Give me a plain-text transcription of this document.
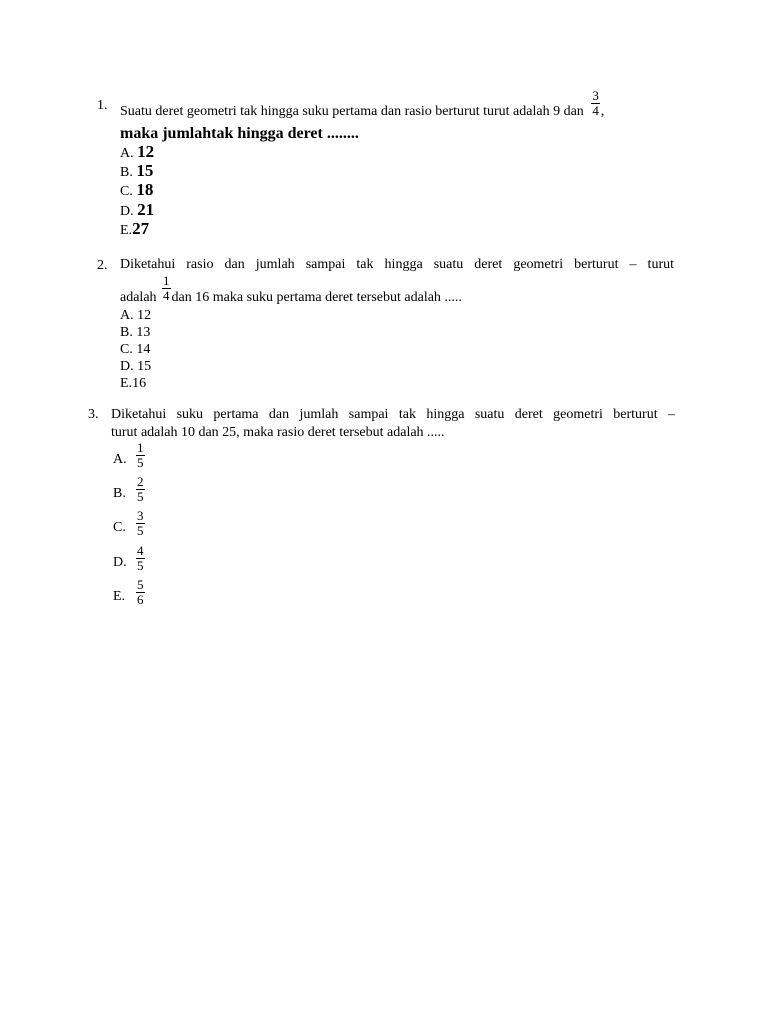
1. Suatu deret geometri tak hingga suku pertama dan rasio berturut turut adalah 9 dan $\frac{3}{4}$ ,
maka jumlahtak hingga deret ........
A. 12
B. 15
C. 18
D. 21
E.27
2. Diketahui rasio dan jumlah sampai tak hingga suatu deret geometri berturut – turut
adalah $\frac{1}{4}$ dan 16 maka suku pertama deret tersebut adalah .....
A. 12
B. 13
C. 14
D. 15
E.16
3. Diketahui suku pertama dan jumlah sampai tak hingga suatu deret geometri berturut –
turut adalah 10 dan 25, maka rasio deret tersebut adalah .....
A.
1
5
B.
2
5
C.
3
5
D.
4
5
E.
5
6
